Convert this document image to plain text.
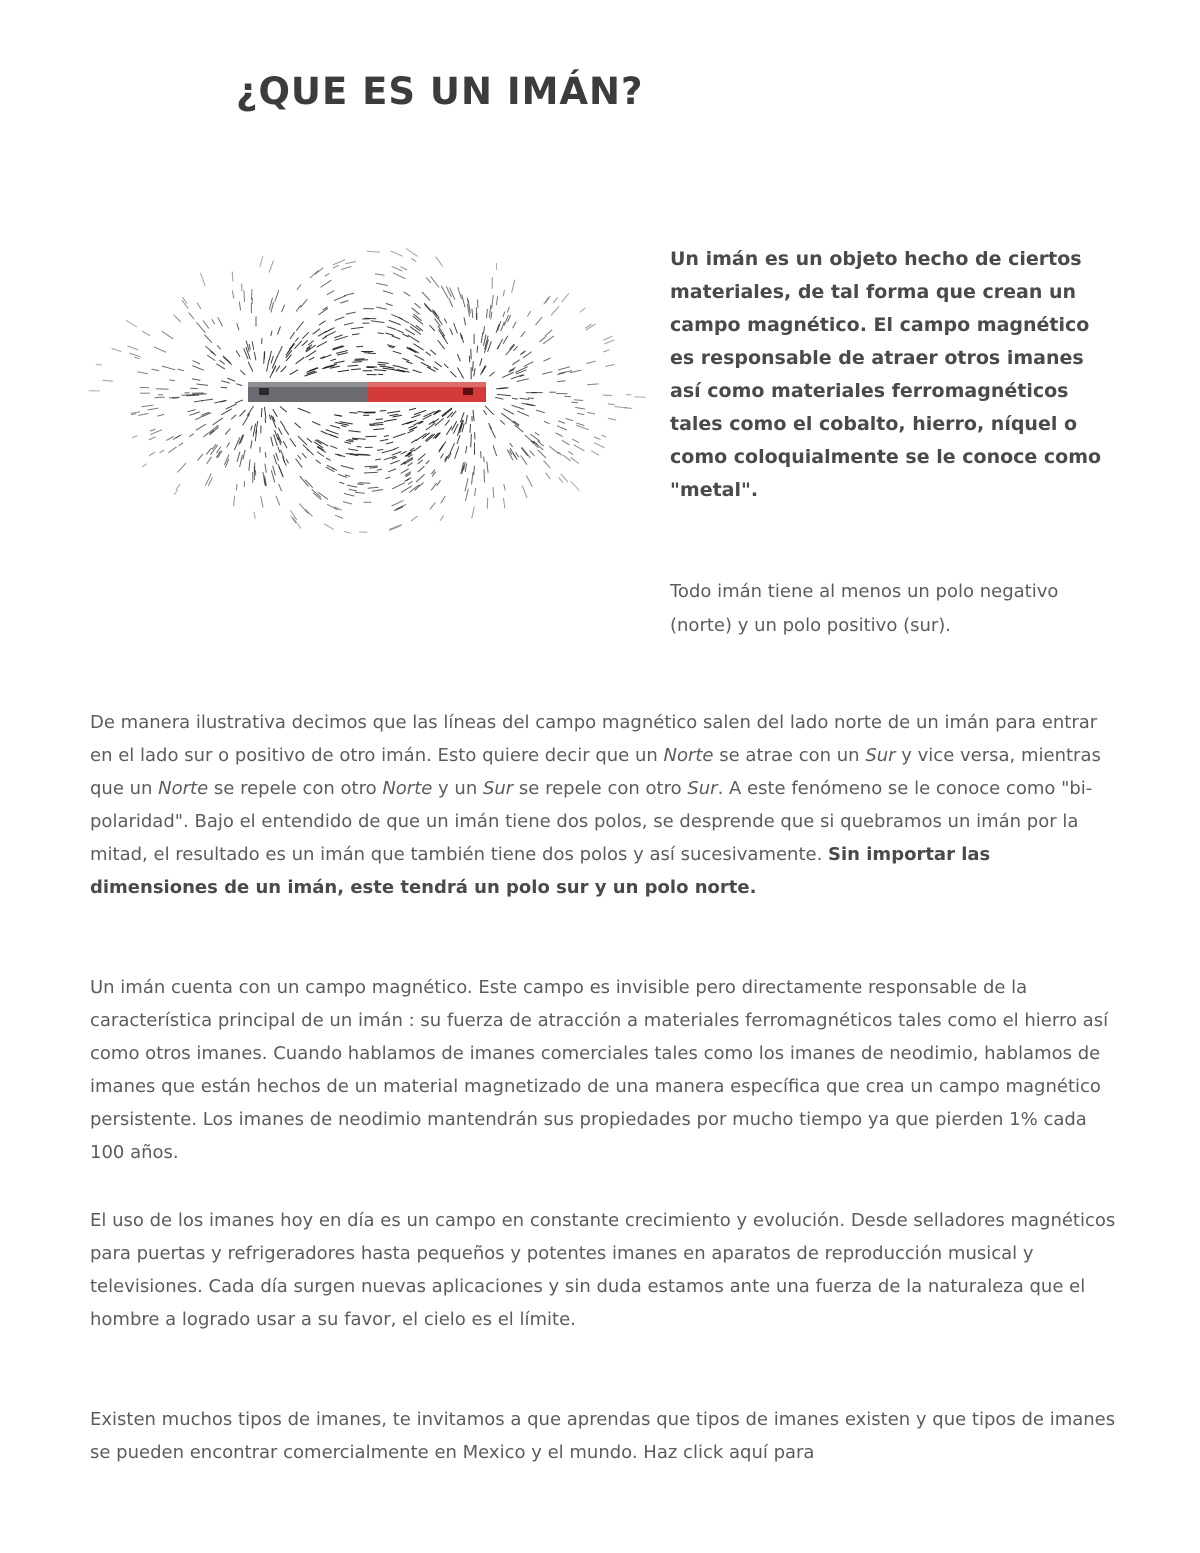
¿QUE ES UN IMÁN?

Un imán es un objeto hecho de ciertos materiales, de tal forma que crean un campo magnético. El campo magnético es responsable de atraer otros imanes así como materiales ferromagnéticos tales como el cobalto, hierro, níquel o como coloquialmente se le conoce como "metal".

Todo imán tiene al menos un polo negativo (norte) y un polo positivo (sur).

De manera ilustrativa decimos que las líneas del campo magnético salen del lado norte de un imán para entrar en el lado sur o positivo de otro imán. Esto quiere decir que un Norte se atrae con un Sur y vice versa, mientras que un Norte se repele con otro Norte y un Sur se repele con otro Sur. A este fenómeno se le conoce como "bi-polaridad". Bajo el entendido de que un imán tiene dos polos, se desprende que si quebramos un imán por la mitad, el resultado es un imán que también tiene dos polos y así sucesivamente. Sin importar las dimensiones de un imán, este tendrá un polo sur y un polo norte.

Un imán cuenta con un campo magnético. Este campo es invisible pero directamente responsable de la característica principal de un imán : su fuerza de atracción a materiales ferromagnéticos tales como el hierro así como otros imanes. Cuando hablamos de imanes comerciales tales como los imanes de neodimio, hablamos de imanes que están hechos de un material magnetizado de una manera específica que crea un campo magnético persistente. Los imanes de neodimio mantendrán sus propiedades por mucho tiempo ya que pierden 1% cada 100 años.

El uso de los imanes hoy en día es un campo en constante crecimiento y evolución. Desde selladores magnéticos para puertas y refrigeradores hasta pequeños y potentes imanes en aparatos de reproducción musical y televisiones. Cada día surgen nuevas aplicaciones y sin duda estamos ante una fuerza de la naturaleza que el hombre a logrado usar a su favor, el cielo es el límite.

Existen muchos tipos de imanes, te invitamos a que aprendas que tipos de imanes existen y que tipos de imanes se pueden encontrar comercialmente en Mexico y el mundo. Haz click aquí para
